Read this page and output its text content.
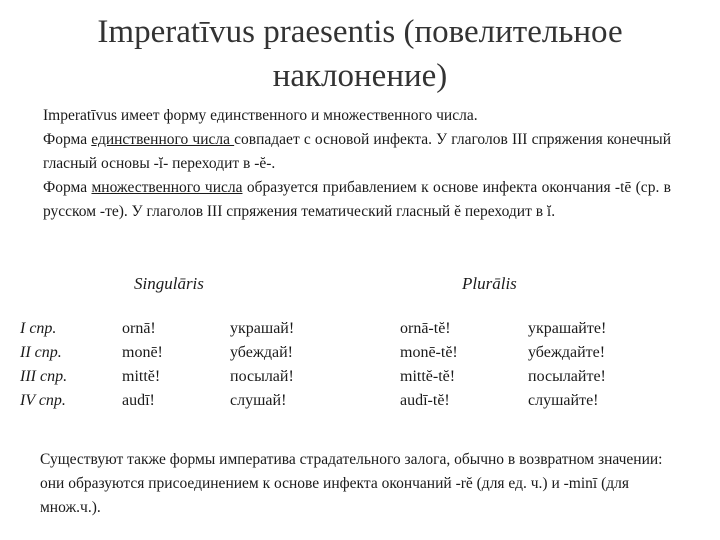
Imperatīvus praesentis (повелительное
наклонение)

Imperatīvus имеет форму единственного и множественного числа.

Форма единственного числа совпадает с основой инфекта. У глаголов III спряжения конечный гласный основы -ĭ- переходит в -ĕ-.

Форма множественного числа образуется прибавлением к основе инфекта окончания -tē (ср. в русском -те). У глаголов III спряжения тематический гласный ĕ переходит в ĭ.

Singulāris	Plurālis
I спр.
II спр.
III спр.
IV спр.
ornā!
monē!
mittĕ!
audī!
украшай!
убеждай!
посылай!
слушай!
ornā-tĕ!
monē-tĕ!
mittĕ-tĕ!
audī-tĕ!
украшайте!
убеждайте!
посылайте!
слушайте!
Существуют также формы императива страдательного залога, обычно в возвратном значении: они образуются присоединением к основе инфекта окончаний -rĕ (для ед. ч.) и -minī (для множ.ч.).
